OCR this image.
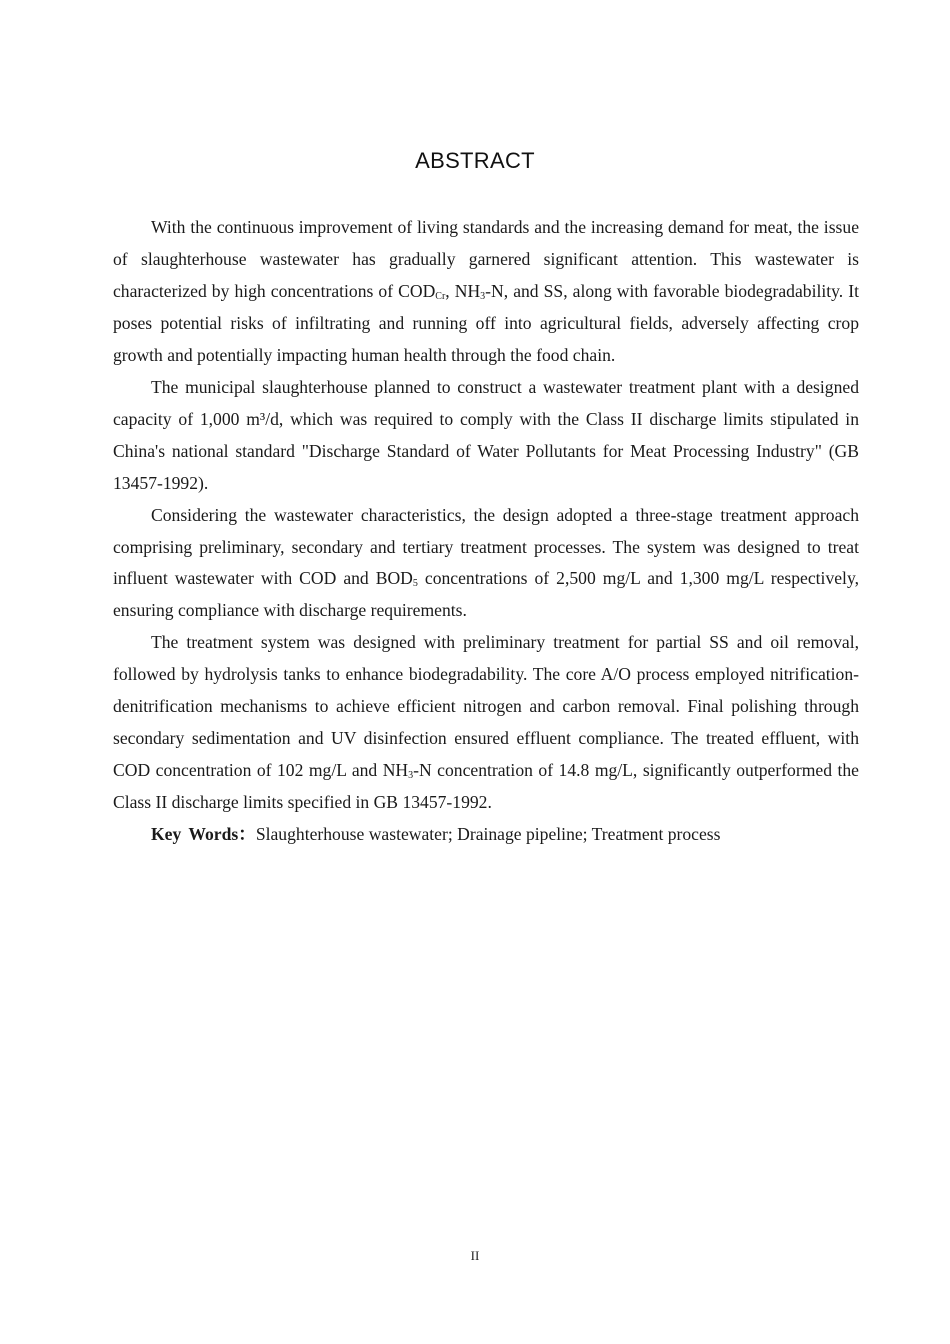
ABSTRACT

With the continuous improvement of living standards and the increasing demand for meat, the issue of slaughterhouse wastewater has gradually garnered significant attention. This wastewater is characterized by high concentrations of $COD_{Cr}$, $NH_3-N$, and SS, along with favorable biodegradability. It poses potential risks of infiltrating and running off into agricultural fields, adversely affecting crop growth and potentially impacting human health through the food chain.

The municipal slaughterhouse planned to construct a wastewater treatment plant with a designed capacity of 1,000 m³/d, which was required to comply with the Class II discharge limits stipulated in China's national standard "Discharge Standard of Water Pollutants for Meat Processing Industry" (GB 13457-1992).

Considering the wastewater characteristics, the design adopted a three-stage treatment approach comprising preliminary, secondary and tertiary treatment processes. The system was designed to treat influent wastewater with COD and $BOD_5$ concentrations of 2,500 mg/L and 1,300 mg/L respectively, ensuring compliance with discharge requirements.

The treatment system was designed with preliminary treatment for partial SS and oil removal, followed by hydrolysis tanks to enhance biodegradability. The core A/O process employed nitrification-denitrification mechanisms to achieve efficient nitrogen and carbon removal. Final polishing through secondary sedimentation and UV disinfection ensured effluent compliance. The treated effluent, with COD concentration of 102 mg/L and $NH_3-N$ concentration of 14.8 mg/L, significantly outperformed the Class II discharge limits specified in GB 13457-1992.

Key Words：Slaughterhouse wastewater; Drainage pipeline; Treatment process

II
